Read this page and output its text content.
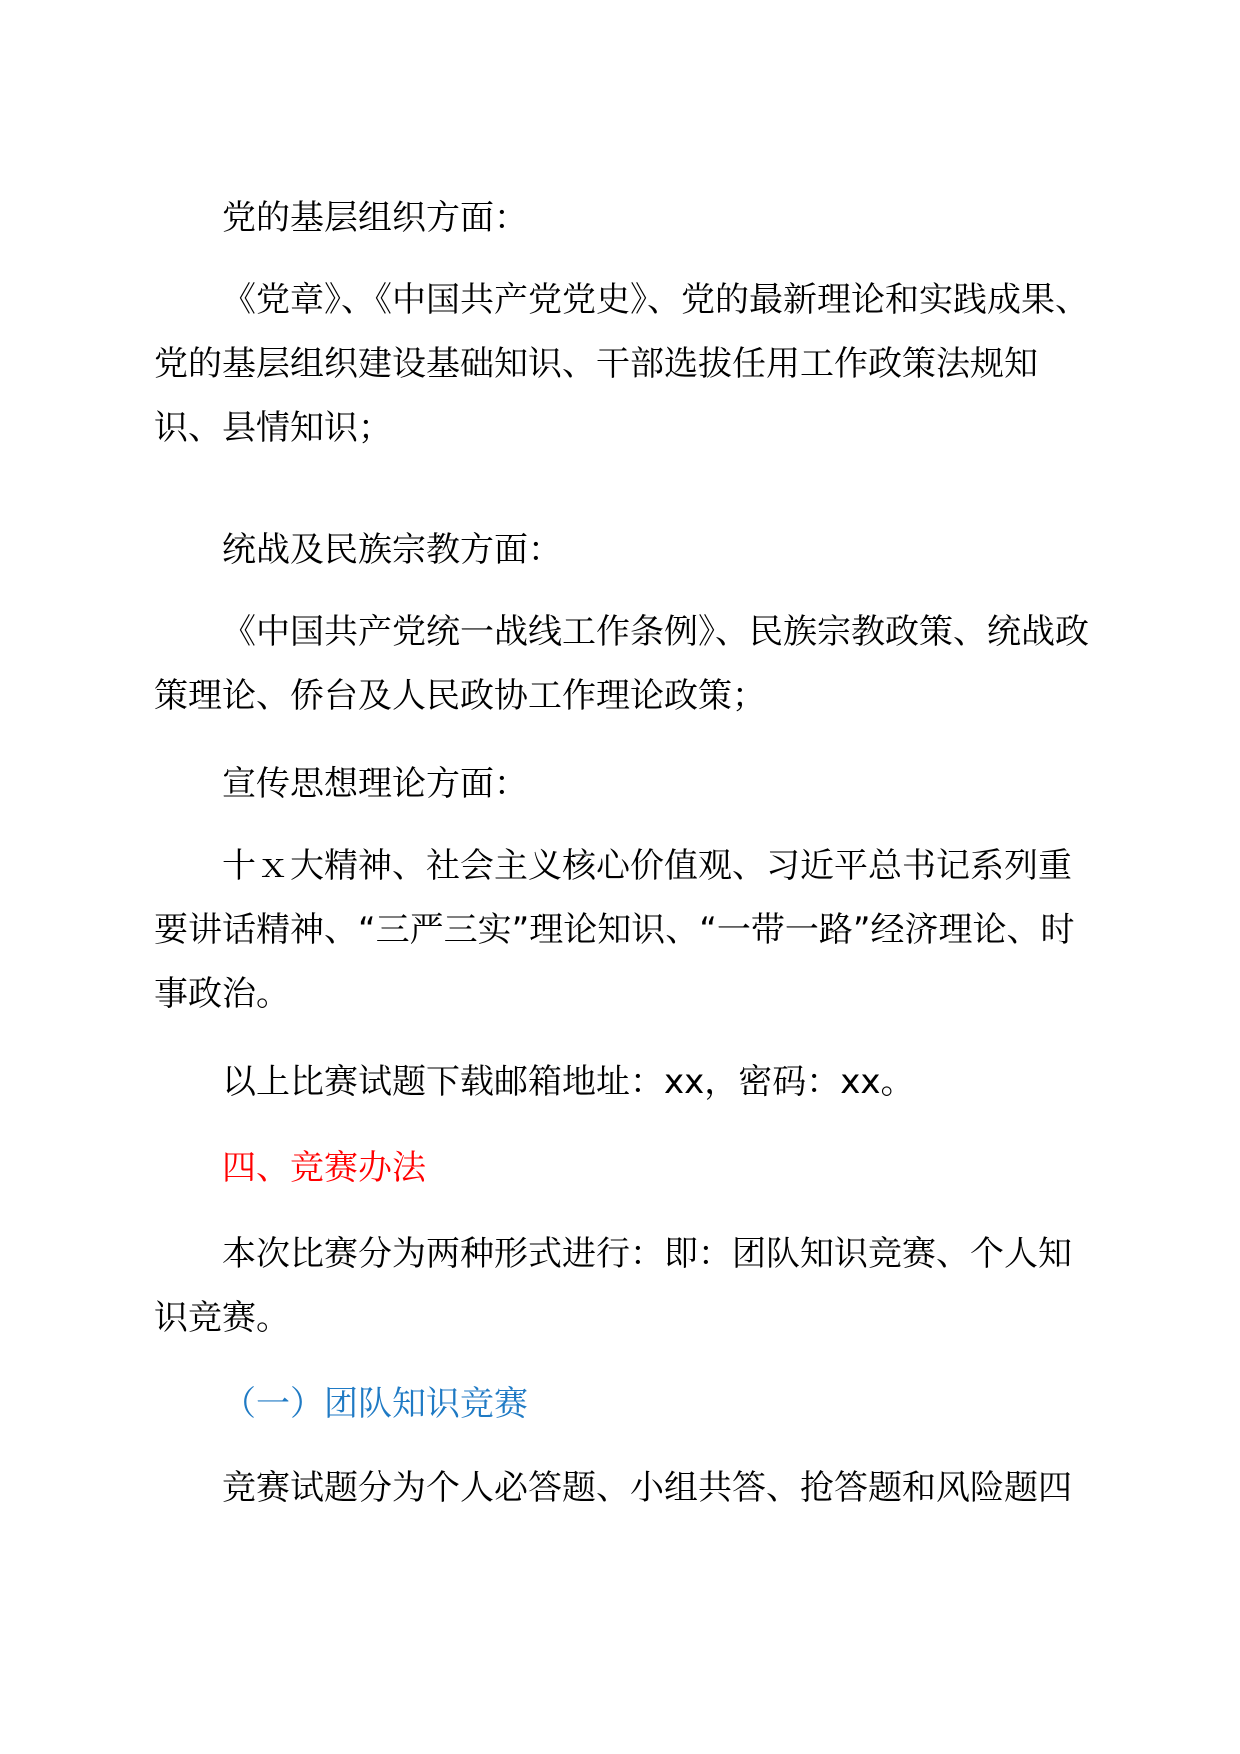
党的基层组织方面：

《党章》、《中国共产党党史》、党的最新理论和实践成果、党的基层组织建设基础知识、干部选拔任用工作政策法规知识、县情知识；

统战及民族宗教方面：

《中国共产党统一战线工作条例》、民族宗教政策、统战政策理论、侨台及人民政协工作理论政策；

宣传思想理论方面：

十ｘ大精神、社会主义核心价值观、习近平总书记系列重要讲话精神、“三严三实”理论知识、“一带一路”经济理论、时事政治。

以上比赛试题下载邮箱地址：xx，密码：xx。

四、竞赛办法

本次比赛分为两种形式进行：即：团队知识竞赛、个人知识竞赛。

（一）团队知识竞赛

竞赛试题分为个人必答题、小组共答、抢答题和风险题四
